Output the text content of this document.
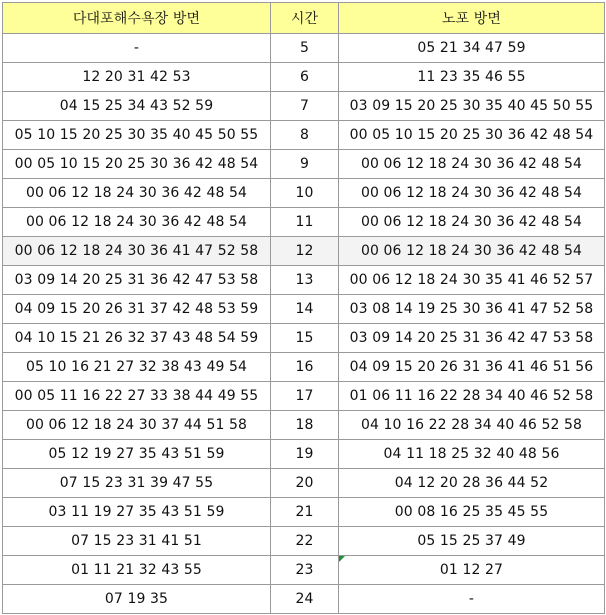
다대포해수욕장 방면	시간	노포 방면
-	5	05 21 34 47 59
12 20 31 42 53	6	11 23 35 46 55
04 15 25 34 43 52 59	7	03 09 15 20 25 30 35 40 45 50 55
05 10 15 20 25 30 35 40 45 50 55	8	00 05 10 15 20 25 30 36 42 48 54
00 05 10 15 20 25 30 36 42 48 54	9	00 06 12 18 24 30 36 42 48 54
00 06 12 18 24 30 36 42 48 54	10	00 06 12 18 24 30 36 42 48 54
00 06 12 18 24 30 36 42 48 54	11	00 06 12 18 24 30 36 42 48 54
00 06 12 18 24 30 36 41 47 52 58	12	00 06 12 18 24 30 36 42 48 54
03 09 14 20 25 31 36 42 47 53 58	13	00 06 12 18 24 30 35 41 46 52 57
04 09 15 20 26 31 37 42 48 53 59	14	03 08 14 19 25 30 36 41 47 52 58
04 10 15 21 26 32 37 43 48 54 59	15	03 09 14 20 25 31 36 42 47 53 58
05 10 16 21 27 32 38 43 49 54	16	04 09 15 20 26 31 36 41 46 51 56
00 05 11 16 22 27 33 38 44 49 55	17	01 06 11 16 22 28 34 40 46 52 58
00 06 12 18 24 30 37 44 51 58	18	04 10 16 22 28 34 40 46 52 58
05 12 19 27 35 43 51 59	19	04 11 18 25 32 40 48 56
07 15 23 31 39 47 55	20	04 12 20 28 36 44 52
03 11 19 27 35 43 51 59	21	00 08 16 25 35 45 55
07 15 23 31 41 51	22	05 15 25 37 49
01 11 21 32 43 55	23	01 12 27
07 19 35	24	-
